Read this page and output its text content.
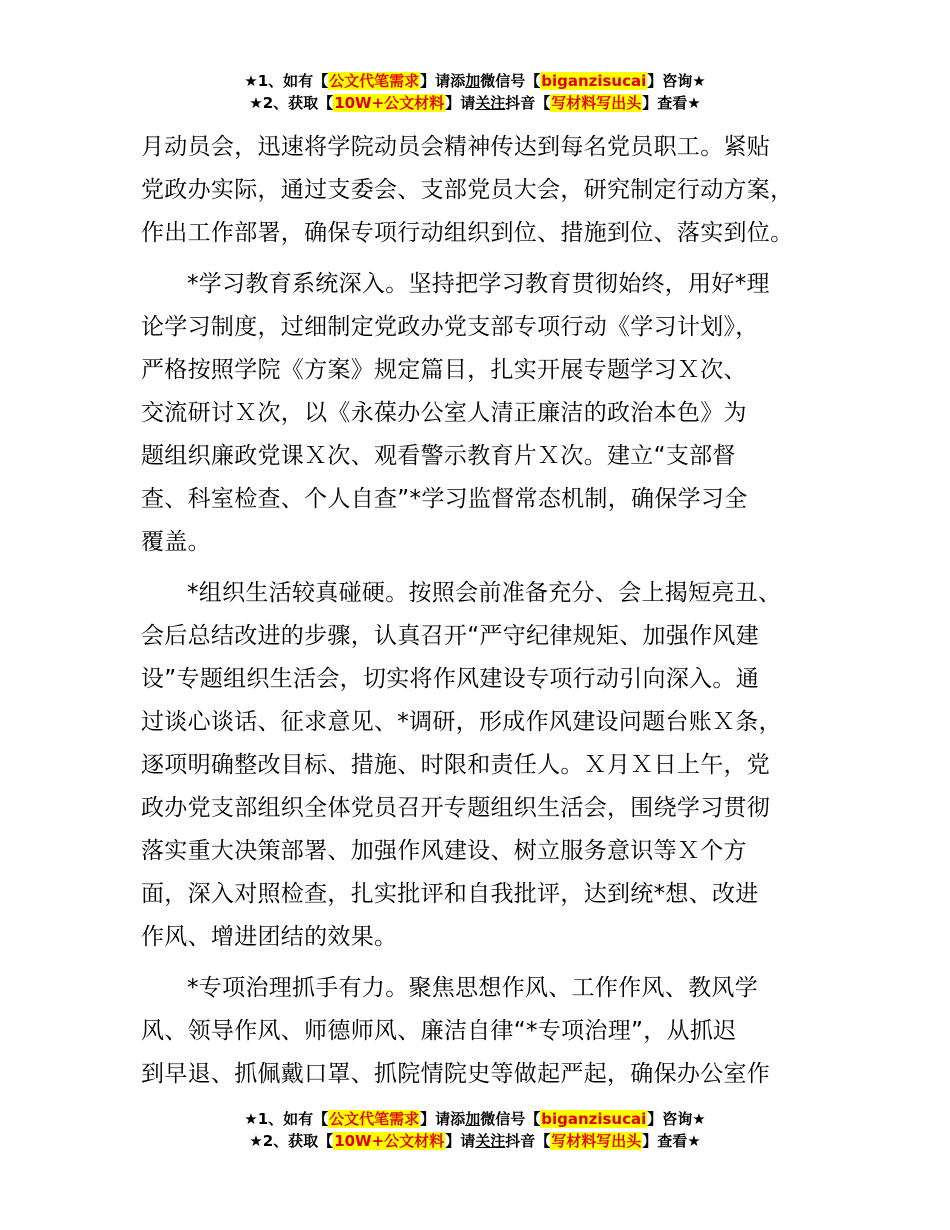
★1、如有【公文代笔需求】请添加微信号【biganzisucai】咨询★
★2、获取【10W+公文材料】请关注抖音【写材料写出头】查看★

月动员会，迅速将学院动员会精神传达到每名党员职工。紧贴
党政办实际，通过支委会、支部党员大会，研究制定行动方案，
作出工作部署，确保专项行动组织到位、措施到位、落实到位。

*学习教育系统深入。坚持把学习教育贯彻始终，用好*理
论学习制度，过细制定党政办党支部专项行动《学习计划》，
严格按照学院《方案》规定篇目，扎实开展专题学习Ｘ次、
交流研讨Ｘ次，以《永葆办公室人清正廉洁的政治本色》为
题组织廉政党课Ｘ次、观看警示教育片Ｘ次。建立“支部督
查、科室检查、个人自查”*学习监督常态机制，确保学习全
覆盖。

*组织生活较真碰硬。按照会前准备充分、会上揭短亮丑、
会后总结改进的步骤，认真召开“严守纪律规矩、加强作风建
设”专题组织生活会，切实将作风建设专项行动引向深入。通
过谈心谈话、征求意见、*调研，形成作风建设问题台账Ｘ条，
逐项明确整改目标、措施、时限和责任人。Ｘ月Ｘ日上午，党
政办党支部组织全体党员召开专题组织生活会，围绕学习贯彻
落实重大决策部署、加强作风建设、树立服务意识等Ｘ个方
面，深入对照检查，扎实批评和自我批评，达到统*想、改进
作风、增进团结的效果。

*专项治理抓手有力。聚焦思想作风、工作作风、教风学
风、领导作风、师德师风、廉洁自律“*专项治理”，从抓迟
到早退、抓佩戴口罩、抓院情院史等做起严起，确保办公室作

★1、如有【公文代笔需求】请添加微信号【biganzisucai】咨询★
★2、获取【10W+公文材料】请关注抖音【写材料写出头】查看★
